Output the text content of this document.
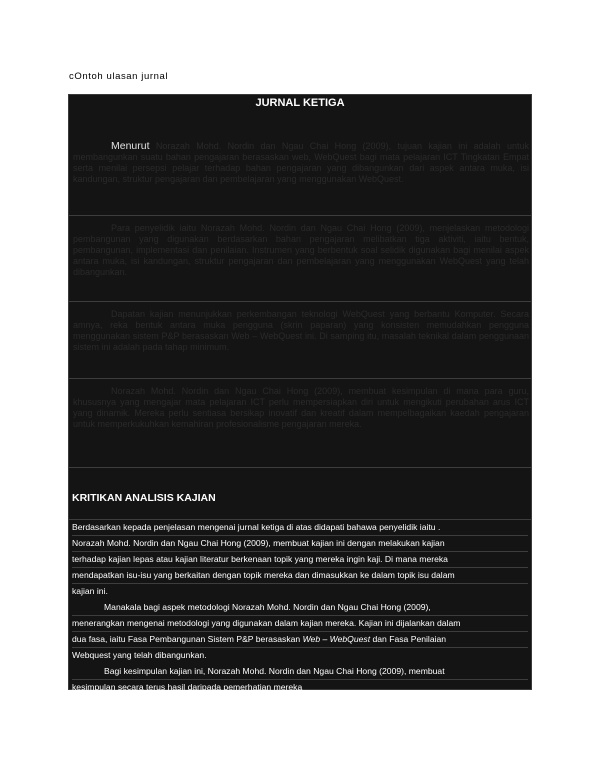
cOntoh ulasan jurnal
JURNAL KETIGA
Menurut Norazah Mohd. Nordin dan Ngau Chai Hong (2009), tujuan kajian ini adalah untuk membangunkan suatu bahan pengajaran berasaskan web, WebQuest bagi mata pelajaran ICT Tingkatan Empat serta menilai persepsi pelajar terhadap bahan pengajaran yang dibangunkan dari aspek antara muka, isi kandungan, struktur pengajaran dan pembelajaran yang menggunakan WebQuest.
Para penyelidik iaitu Norazah Mohd. Nordin dan Ngau Chai Hong (2009), menjelaskan metodologi pembangunan yang digunakan berdasarkan bahan pengajaran melibatkan tiga aktiviti, iaitu bentuk, pembangunan, implementasi dan penilaian. Instrumen yang berbentuk soal selidik digunakan bagi menilai aspek antara muka, isi kandungan, struktur pengajaran dan pembelajaran yang menggunakan WebQuest yang telah dibangunkan.
Dapatan kajian menunjukkan perkembangan teknologi WebQuest yang berbantu Komputer. Secara amnya, reka bentuk antara muka pengguna (skrin paparan) yang konsisten memudahkan pengguna menggunakan sistem P&P berasaskan Web – WebQuest ini. Di samping itu, masalah teknikal dalam penggunaan sistem ini adalah pada tahap minimum.
Norazah Mohd. Nordin dan Ngau Chai Hong (2009), membuat kesimpulan di mana para guru, khususnya yang mengajar mata pelajaran ICT perlu mempersiapkan diri untuk mengikuti perubahan arus ICT yang dinamik. Mereka perlu sentiasa bersikap inovatif dan kreatif dalam mempelbagaikan kaedah pengajaran untuk memperkukuhkan kemahiran profesionalisme pengajaran mereka.
KRITIKAN ANALISIS KAJIAN
Berdasarkan kepada penjelasan mengenai jurnal ketiga di atas didapati bahawa penyelidik iaitu .
Norazah Mohd. Nordin dan Ngau Chai Hong (2009), membuat kajian ini dengan melakukan kajian
terhadap kajian lepas atau kajian literatur berkenaan topik yang mereka ingin kaji. Di mana mereka
mendapatkan isu-isu yang berkaitan dengan topik mereka dan dimasukkan ke dalam topik isu dalam
kajian ini.
Manakala bagi aspek metodologi Norazah Mohd. Nordin dan Ngau Chai Hong (2009),
menerangkan mengenai metodologi yang digunakan dalam kajian mereka. Kajian ini dijalankan dalam
dua fasa, iaitu Fasa Pembangunan Sistem P&P berasaskan Web – WebQuest dan Fasa Penilaian
Webquest yang telah dibangunkan.
Bagi kesimpulan kajian ini, Norazah Mohd. Nordin dan Ngau Chai Hong (2009), membuat
kesimpulan secara terus hasil daripada pemerhatian mereka
